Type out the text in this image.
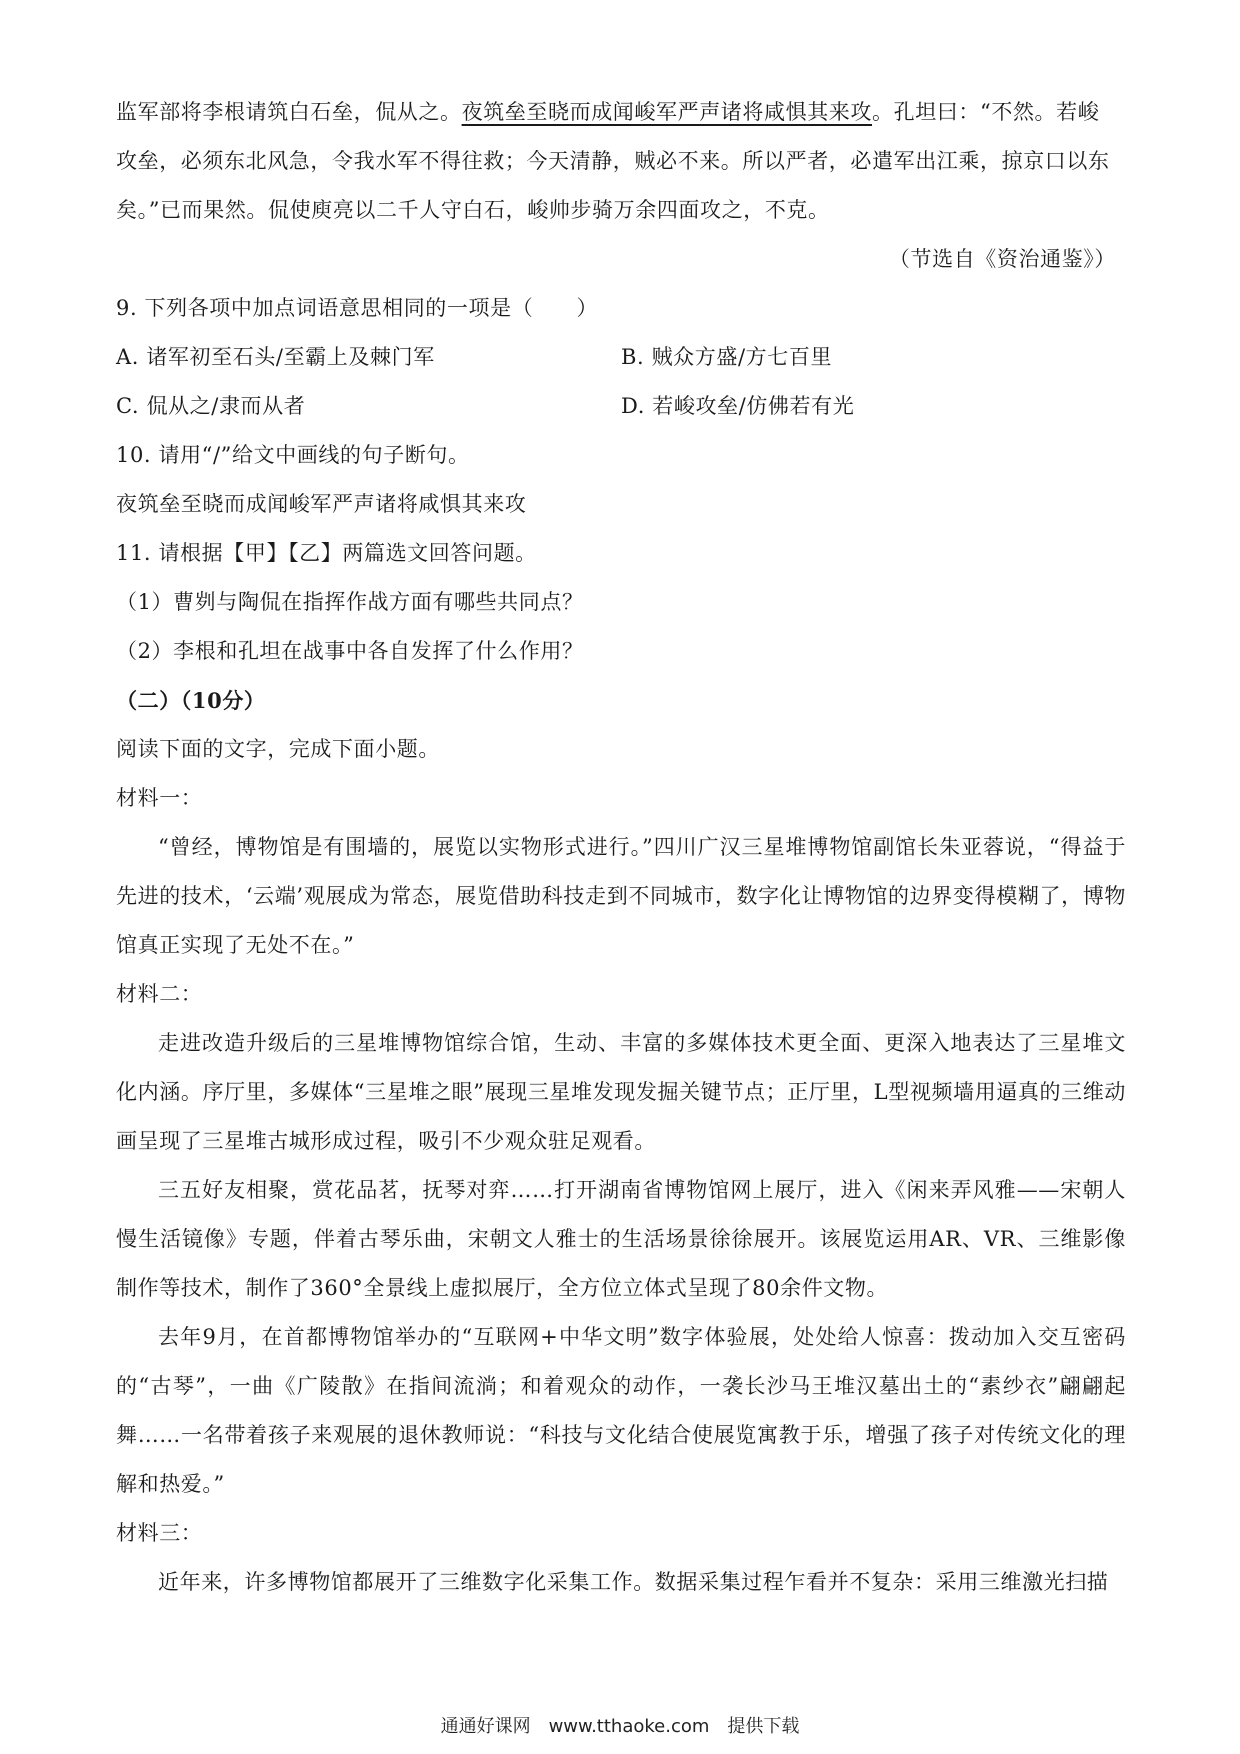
监军部将李根请筑白石垒，侃从之。夜筑垒至晓而成闻峻军严声诸将咸惧其来攻。孔坦曰：“不然。若峻
攻垒，必须东北风急，令我水军不得往救；今天清静，贼必不来。所以严者，必遣军出江乘，掠京口以东
矣。”已而果然。侃使庾亮以二千人守白石，峻帅步骑万余四面攻之，不克。
（节选自《资治通鉴》）
9. 下列各项中加点词语意思相同的一项是（　　）
A. 诸军初至石头/至霸上及棘门军	B. 贼众方盛/方七百里
C. 侃从之/隶而从者	D. 若峻攻垒/仿佛若有光
10. 请用“/”给文中画线的句子断句。
夜筑垒至晓而成闻峻军严声诸将咸惧其来攻
11. 请根据【甲】【乙】两篇选文回答问题。
（1）曹刿与陶侃在指挥作战方面有哪些共同点？
（2）李根和孔坦在战事中各自发挥了什么作用？
（二）（10分）
阅读下面的文字，完成下面小题。
材料一：
“曾经，博物馆是有围墙的，展览以实物形式进行。”四川广汉三星堆博物馆副馆长朱亚蓉说，“得益于先进的技术，‘云端’观展成为常态，展览借助科技走到不同城市，数字化让博物馆的边界变得模糊了，博物馆真正实现了无处不在。”
材料二：
走进改造升级后的三星堆博物馆综合馆，生动、丰富的多媒体技术更全面、更深入地表达了三星堆文化内涵。序厅里，多媒体“三星堆之眼”展现三星堆发现发掘关键节点；正厅里，L型视频墙用逼真的三维动画呈现了三星堆古城形成过程，吸引不少观众驻足观看。
三五好友相聚，赏花品茗，抚琴对弈……打开湖南省博物馆网上展厅，进入《闲来弄风雅——宋朝人慢生活镜像》专题，伴着古琴乐曲，宋朝文人雅士的生活场景徐徐展开。该展览运用AR、VR、三维影像制作等技术，制作了360°全景线上虚拟展厅，全方位立体式呈现了80余件文物。
去年9月，在首都博物馆举办的“互联网+中华文明”数字体验展，处处给人惊喜：拨动加入交互密码的“古琴”，一曲《广陵散》在指间流淌；和着观众的动作，一袭长沙马王堆汉墓出土的“素纱衣”翩翩起舞……一名带着孩子来观展的退休教师说：“科技与文化结合使展览寓教于乐，增强了孩子对传统文化的理解和热爱。”
材料三：
近年来，许多博物馆都展开了三维数字化采集工作。数据采集过程乍看并不复杂：采用三维激光扫描
通通好课网　www.tthaoke.com　提供下载
